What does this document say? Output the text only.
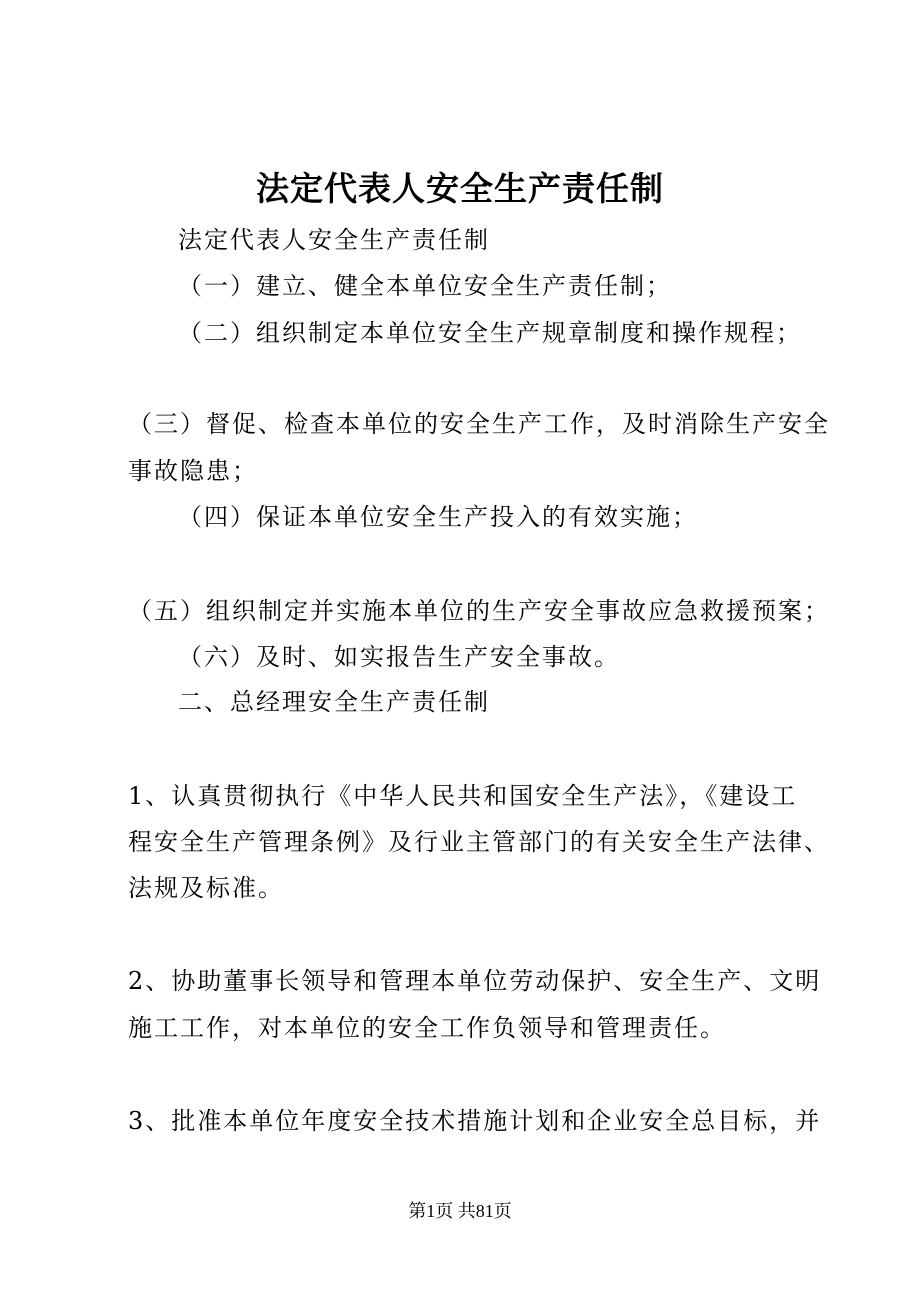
法定代表人安全生产责任制
法定代表人安全生产责任制
（一）建立、健全本单位安全生产责任制；
（二）组织制定本单位安全生产规章制度和操作规程；
（三）督促、检查本单位的安全生产工作，及时消除生产安全
事故隐患；
（四）保证本单位安全生产投入的有效实施；
（五）组织制定并实施本单位的生产安全事故应急救援预案；
（六）及时、如实报告生产安全事故。
二、总经理安全生产责任制
1、认真贯彻执行《中华人民共和国安全生产法》，《建设工
程安全生产管理条例》及行业主管部门的有关安全生产法律、
法规及标准。
2、协助董事长领导和管理本单位劳动保护、安全生产、文明
施工工作，对本单位的安全工作负领导和管理责任。
3、批准本单位年度安全技术措施计划和企业安全总目标，并
第1页 共81页
